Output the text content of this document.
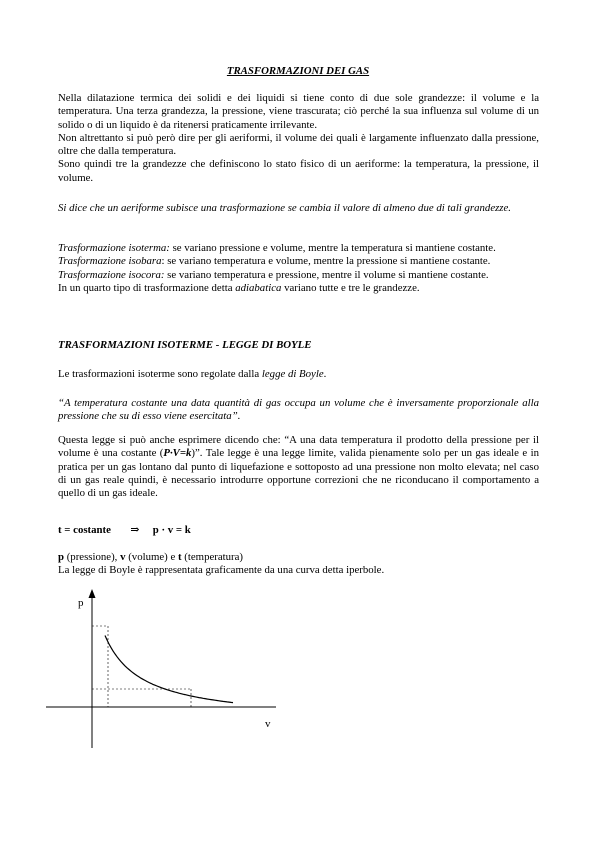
TRASFORMAZIONI DEI GAS
Nella dilatazione termica dei solidi e dei liquidi si tiene conto di due sole grandezze: il volume e la temperatura. Una terza grandezza, la pressione, viene trascurata; ciò perché la sua influenza sul volume di un solido o di un liquido è da ritenersi praticamente irrilevante.
Non altrettanto si può però dire per gli aeriformi, il volume dei quali è largamente influenzato dalla pressione, oltre che dalla temperatura.
Sono quindi tre la grandezze che definiscono lo stato fisico di un aeriforme: la temperatura, la pressione, il volume.
Si dice che un aeriforme subisce una trasformazione se cambia il valore di almeno due di tali grandezze.
Trasformazione isoterma: se variano pressione e volume, mentre la temperatura si mantiene costante.
Trasformazione isobara: se variano temperatura e volume, mentre la pressione si mantiene costante.
Trasformazione isocora: se variano temperatura e pressione, mentre il volume si mantiene costante.
In un quarto tipo di trasformazione detta adiabatica variano tutte e tre le grandezze.
TRASFORMAZIONI ISOTERME - LEGGE DI BOYLE
Le trasformazioni isoterme sono regolate dalla legge di Boyle.
“A temperatura costante una data quantità di gas occupa un volume che è inversamente proporzionale alla pressione che su di esso viene esercitata”.
Questa legge si può anche esprimere dicendo che: “A una data temperatura il prodotto della pressione per il volume è una costante (P·V=k)”. Tale legge è una legge limite, valida pienamente solo per un gas ideale e in pratica per un gas lontano dal punto di liquefazione e sottoposto ad una pressione non molto elevata; nel caso di un gas reale quindi, è necessario introdurre opportune correzioni che ne riconducano il comportamento a quello di un gas ideale.
t = costante ⇒ p · v = k
p (pressione), v (volume) e t (temperatura)
La legge di Boyle è rappresentata graficamente da una curva detta iperbole.
p
v
